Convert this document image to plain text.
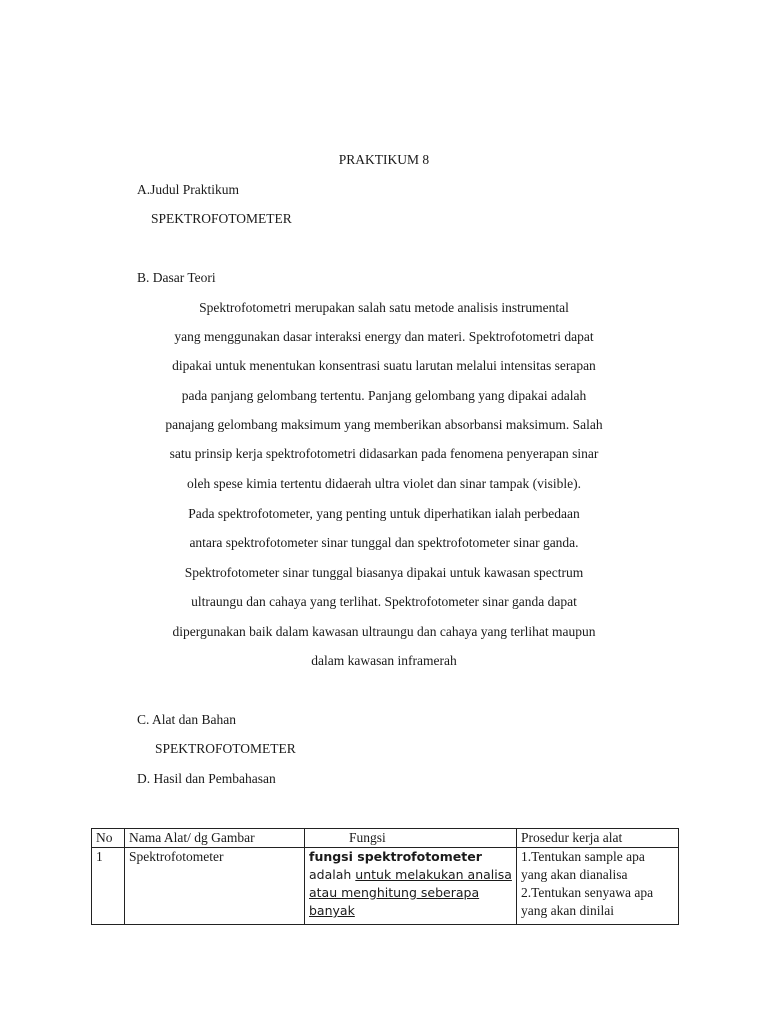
PRAKTIKUM 8
A.Judul Praktikum
SPEKTROFOTOMETER
B. Dasar Teori
Spektrofotometri merupakan salah satu metode analisis instrumental
yang menggunakan dasar interaksi energy dan materi. Spektrofotometri dapat
dipakai untuk menentukan konsentrasi suatu larutan melalui intensitas serapan
pada panjang gelombang tertentu. Panjang gelombang yang dipakai adalah
panajang gelombang maksimum yang memberikan absorbansi maksimum. Salah
satu prinsip kerja spektrofotometri didasarkan pada fenomena penyerapan sinar
oleh spese kimia tertentu didaerah ultra violet dan sinar tampak (visible).
Pada spektrofotometer, yang penting untuk diperhatikan ialah perbedaan
antara spektrofotometer sinar tunggal dan spektrofotometer sinar ganda.
Spektrofotometer sinar tunggal biasanya dipakai untuk kawasan spectrum
ultraungu dan cahaya yang terlihat. Spektrofotometer sinar ganda dapat
dipergunakan baik dalam kawasan ultraungu dan cahaya yang terlihat maupun
dalam kawasan inframerah
C. Alat dan Bahan
SPEKTROFOTOMETER
D. Hasil dan Pembahasan
No	Nama Alat/ dg Gambar	Fungsi	Prosedur kerja alat
1	Spektrofotometer	fungsi spektrofotometer adalah untuk melakukan analisa atau menghitung seberapa banyak	1.Tentukan sample apa yang akan dianalisa
2.Tentukan senyawa apa yang akan dinilai
